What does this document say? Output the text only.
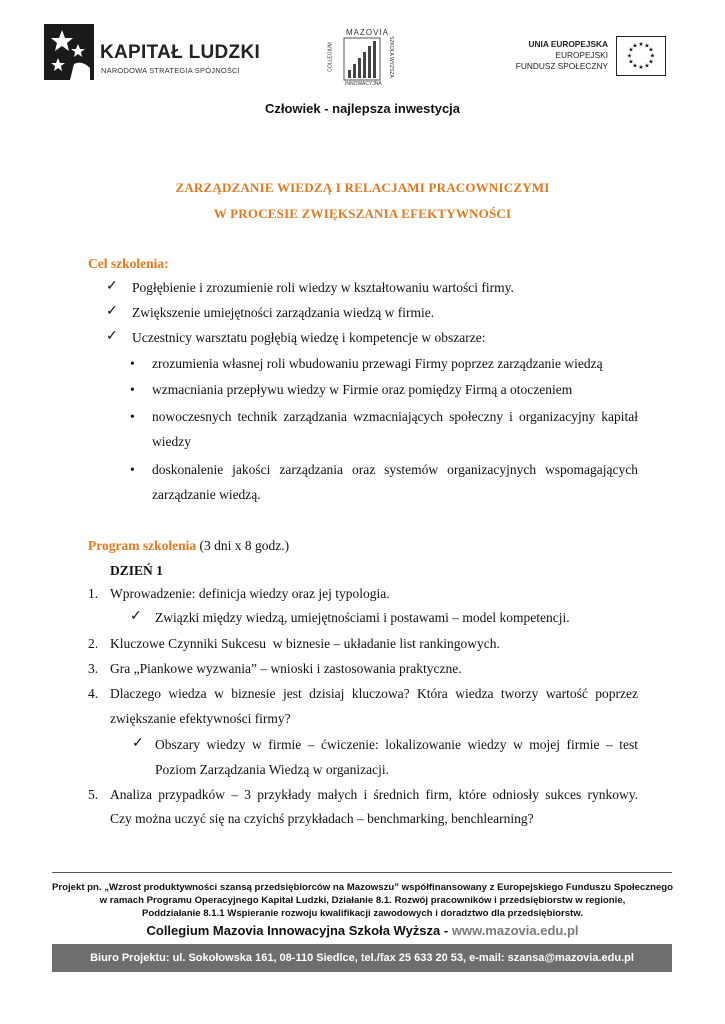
KAPITAŁ LUDZKI
NARODOWA STRATEGIA SPÓJNOŚCI
MAZOVIA
COLLEGIUM	SZKOŁA WYŻSZA
INNOWACYJNA
UNIA EUROPEJSKA
EUROPEJSKI
FUNDUSZ SPOŁECZNY
★ ★
★
★
★
★
★
★
★
★
★
★
Człowiek - najlepsza inwestycja
ZARZĄDZANIE WIEDZĄ I RELACJAMI PRACOWNICZYMI
W PROCESIE ZWIĘKSZANIA EFEKTYWNOŚCI
Cel szkolenia:
✓ Pogłębienie i zrozumienie roli wiedzy w kształtowaniu wartości firmy.
✓ Zwiększenie umiejętności zarządzania wiedzą w firmie.
✓ Uczestnicy warsztatu pogłębią wiedzę i kompetencje w obszarze:
• zrozumienia własnej roli wbudowaniu przewagi Firmy poprzez zarządzanie wiedzą
• wzmacniania przepływu wiedzy w Firmie oraz pomiędzy Firmą a otoczeniem
• nowoczesnych technik zarządzania wzmacniających społeczny i organizacyjny kapitał
wiedzy
• doskonalenie jakości zarządzania oraz systemów organizacyjnych wspomagających
zarządzanie wiedzą.
Program szkolenia (3 dni x 8 godz.)
DZIEŃ 1
1. Wprowadzenie: definicja wiedzy oraz jej typologia.
✓ Związki między wiedzą, umiejętnościami i postawami – model kompetencji.
2. Kluczowe Czynniki Sukcesu  w biznesie – układanie list rankingowych.
3. Gra „Piankowe wyzwania” – wnioski i zastosowania praktyczne.
4. Dlaczego wiedza w biznesie jest dzisiaj kluczowa? Która wiedza tworzy wartość poprzez
zwiększanie efektywności firmy?
✓ Obszary wiedzy w firmie – ćwiczenie: lokalizowanie wiedzy w mojej firmie – test
Poziom Zarządzania Wiedzą w organizacji.
5. Analiza przypadków – 3 przykłady małych i średnich firm, które odniosły sukces rynkowy.
Czy można uczyć się na czyichś przykładach – benchmarking, benchlearning?
Projekt pn. „Wzrost produktywności szansą przedsiębiorców na Mazowszu” współfinansowany z Europejskiego Funduszu Społecznego
w ramach Programu Operacyjnego Kapitał Ludzki, Działanie 8.1. Rozwój pracowników i przedsiębiorstw w regionie,
Poddziałanie 8.1.1 Wspieranie rozwoju kwalifikacji zawodowych i doradztwo dla przedsiębiorstw.
Collegium Mazovia Innowacyjna Szkoła Wyższa - www.mazovia.edu.pl
Biuro Projektu: ul. Sokołowska 161, 08-110 Siedlce, tel./fax 25 633 20 53, e-mail: szansa@mazovia.edu.pl
